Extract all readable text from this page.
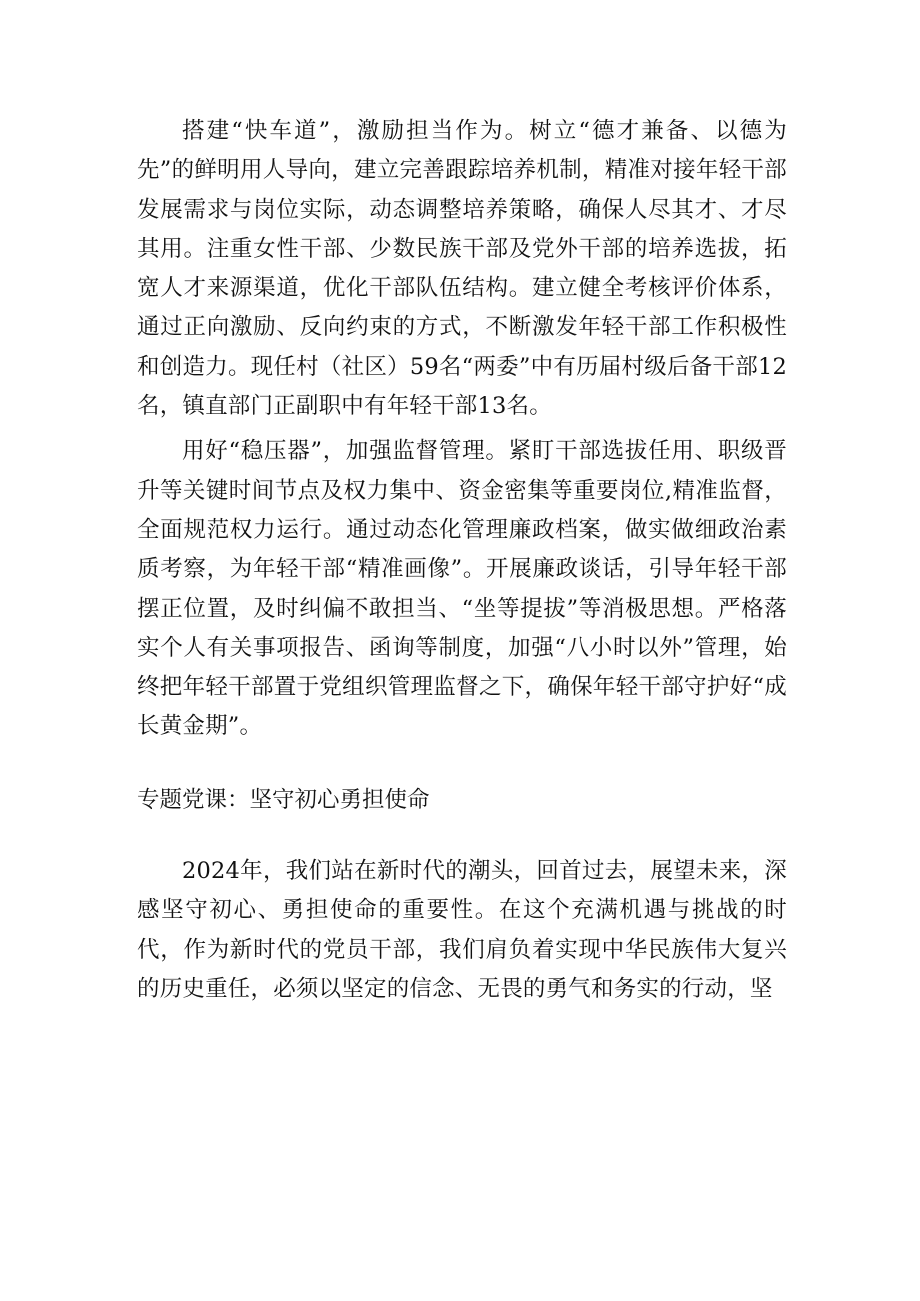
搭建“快车道”，激励担当作为。树立“德才兼备、以德为先”的鲜明用人导向，建立完善跟踪培养机制，精准对接年轻干部发展需求与岗位实际，动态调整培养策略，确保人尽其才、才尽其用。注重女性干部、少数民族干部及党外干部的培养选拔，拓宽人才来源渠道，优化干部队伍结构。建立健全考核评价体系，通过正向激励、反向约束的方式，不断激发年轻干部工作积极性和创造力。现任村（社区）59名“两委”中有历届村级后备干部12名，镇直部门正副职中有年轻干部13名。

用好“稳压器”，加强监督管理。紧盯干部选拔任用、职级晋升等关键时间节点及权力集中、资金密集等重要岗位,精准监督，全面规范权力运行。通过动态化管理廉政档案，做实做细政治素质考察，为年轻干部“精准画像”。开展廉政谈话，引导年轻干部摆正位置，及时纠偏不敢担当、“坐等提拔”等消极思想。严格落实个人有关事项报告、函询等制度，加强“八小时以外”管理，始终把年轻干部置于党组织管理监督之下，确保年轻干部守护好“成长黄金期”。

专题党课：坚守初心勇担使命

2024年，我们站在新时代的潮头，回首过去，展望未来，深感坚守初心、勇担使命的重要性。在这个充满机遇与挑战的时代，作为新时代的党员干部，我们肩负着实现中华民族伟大复兴的历史重任，必须以坚定的信念、无畏的勇气和务实的行动，坚
